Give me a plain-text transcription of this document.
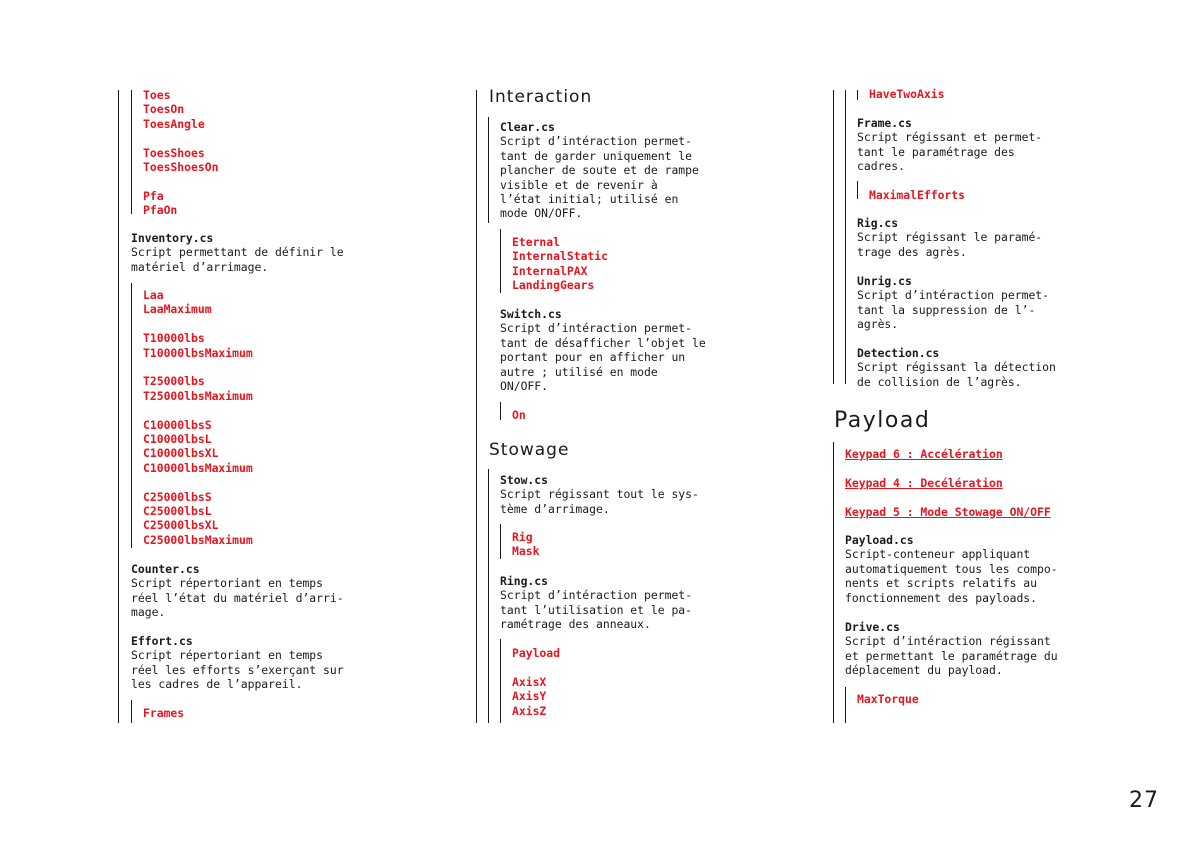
Toes
ToesOn
ToesAngle
ToesShoes
ToesShoesOn
Pfa
PfaOn
Inventory.cs
Script permettant de définir le
matériel d’arrimage.
Laa
LaaMaximum
T10000lbs
T10000lbsMaximum
T25000lbs
T25000lbsMaximum
C10000lbsS
C10000lbsL
C10000lbsXL
C10000lbsMaximum
C25000lbsS
C25000lbsL
C25000lbsXL
C25000lbsMaximum
Counter.cs
Script répertoriant en temps
réel l’état du matériel d’arri-
mage.
Effort.cs
Script répertoriant en temps
réel les efforts s’exerçant sur
les cadres de l’appareil.
Frames
Interaction
Clear.cs
Script d’intéraction permet-
tant de garder uniquement le
plancher de soute et de rampe
visible et de revenir à
l’état initial; utilisé en
mode ON/OFF.
Eternal
InternalStatic
InternalPAX
LandingGears
Switch.cs
Script d’intéraction permet-
tant de désafficher l’objet le
portant pour en afficher un
autre ; utilisé en mode
ON/OFF.
On
Stowage
Stow.cs
Script régissant tout le sys-
tème d’arrimage.
Rig
Mask
Ring.cs
Script d’intéraction permet-
tant l’utilisation et le pa-
ramétrage des anneaux.
Payload
AxisX
AxisY
AxisZ
HaveTwoAxis
Frame.cs
Script régissant et permet-
tant le paramétrage des
cadres.
MaximalEfforts
Rig.cs
Script régissant le paramé-
trage des agrès.
Unrig.cs
Script d’intéraction permet-
tant la suppression de l’-
agrès.
Detection.cs
Script régissant la détection
de collision de l’agrès.
Payload
Keypad 6 : Accélération
Keypad 4 : Decélération
Keypad 5 : Mode Stowage ON/OFF
Payload.cs
Script-conteneur appliquant
automatiquement tous les compo-
nents et scripts relatifs au
fonctionnement des payloads.
Drive.cs
Script d’intéraction régissant
et permettant le paramétrage du
déplacement du payload.
MaxTorque
27
